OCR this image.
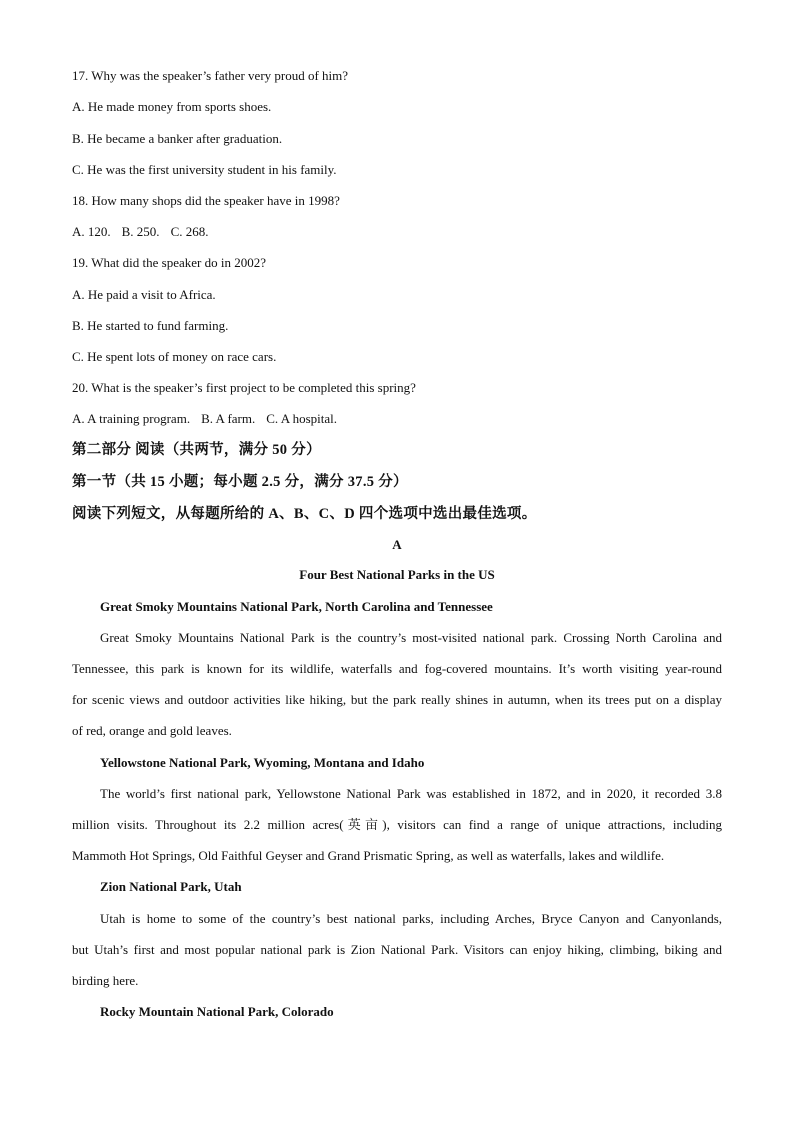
17. Why was the speaker’s father very proud of him?
A. He made money from sports shoes.
B. He became a banker after graduation.
C. He was the first university student in his family.
18. How many shops did the speaker have in 1998?
A. 120. B. 250. C. 268.
19. What did the speaker do in 2002?
A. He paid a visit to Africa.
B. He started to fund farming.
C. He spent lots of money on race cars.
20. What is the speaker’s first project to be completed this spring?
A. A training program. B. A farm. C. A hospital.
第二部分 阅读（共两节，满分 50 分）
第一节（共 15 小题；每小题 2.5 分，满分 37.5 分）
阅读下列短文，从每题所给的 A、B、C、D 四个选项中选出最佳选项。
A
Four Best National Parks in the US
Great Smoky Mountains National Park, North Carolina and Tennessee
Great Smoky Mountains National Park is the country’s most-visited national park. Crossing North Carolina and
Tennessee, this park is known for its wildlife, waterfalls and fog-covered mountains. It’s worth visiting year-round
for scenic views and outdoor activities like hiking, but the park really shines in autumn, when its trees put on a display
of red, orange and gold leaves.
Yellowstone National Park, Wyoming, Montana and Idaho
The world’s first national park, Yellowstone National Park was established in 1872, and in 2020, it recorded 3.8
million visits. Throughout its 2.2 million acres(英亩), visitors can find a range of unique attractions, including
Mammoth Hot Springs, Old Faithful Geyser and Grand Prismatic Spring, as well as waterfalls, lakes and wildlife.
Zion National Park, Utah
Utah is home to some of the country’s best national parks, including Arches, Bryce Canyon and Canyonlands,
but Utah’s first and most popular national park is Zion National Park. Visitors can enjoy hiking, climbing, biking and
birding here.
Rocky Mountain National Park, Colorado
